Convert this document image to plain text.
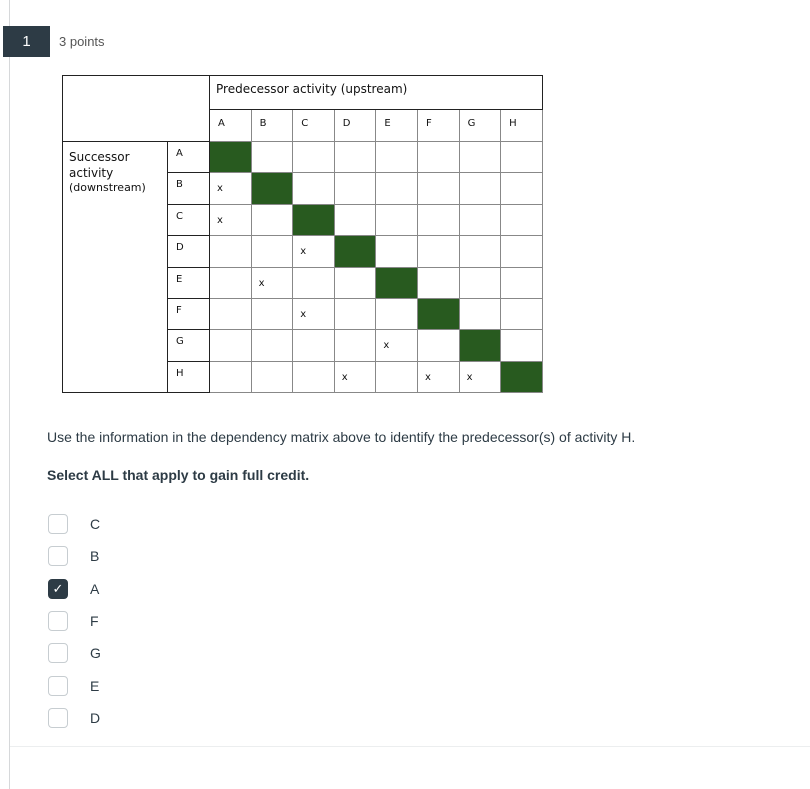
1	3 points
		Predecessor activity (upstream)							
		A	B	C	D	E	F	G	H

Successor
activity
(downstream)	A								
	B	x							
	C	x							
	D			x					
	E		x						
	F			x					
	G					x			
	H				x		x	x	
Use the information in the dependency matrix above to identify the predecessor(s) of activity H.
Select ALL that apply to gain full credit.
C
B
✓ A
F
G
E
D
